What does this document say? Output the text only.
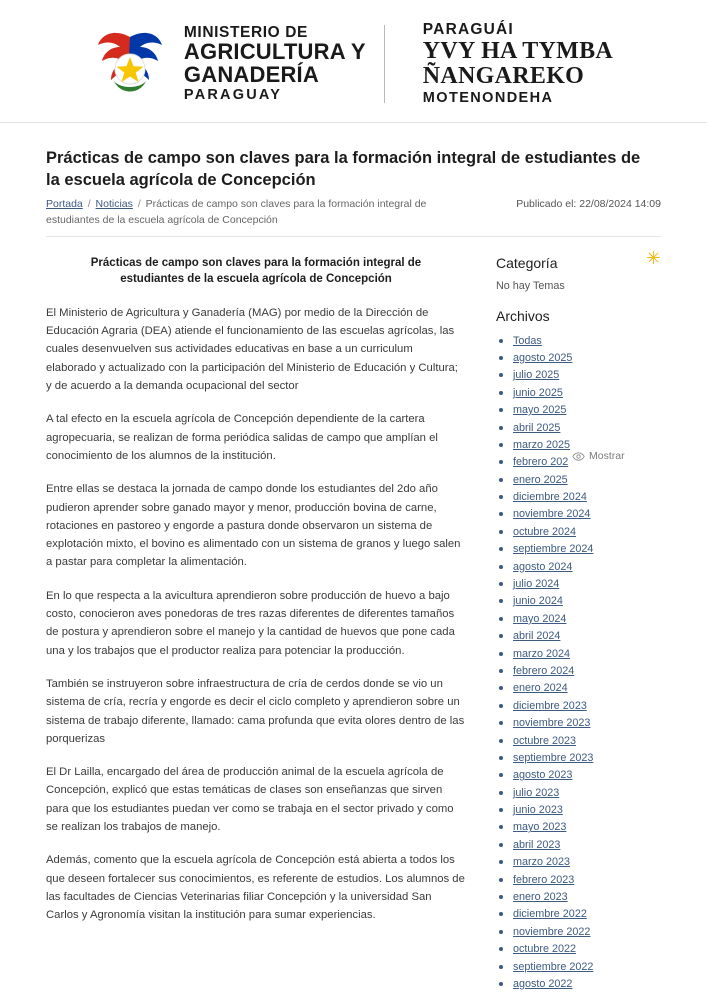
MINISTERIO DE
AGRICULTURA Y
GANADERÍA
PARAGUAY
PARAGUÁI
YVY HA TYMBA
ÑANGAREKO
MOTENONDEHA
Prácticas de campo son claves para la formación integral de estudiantes de la escuela agrícola de Concepción
Portada / Noticias / Prácticas de campo son claves para la formación integral de estudiantes de la escuela agrícola de Concepción
Publicado el: 22/08/2024 14:09
Prácticas de campo son claves para la formación integral de estudiantes de la escuela agrícola de Concepción

El Ministerio de Agricultura y Ganadería (MAG) por medio de la Dirección de Educación Agraria (DEA) atiende el funcionamiento de las escuelas agrícolas, las cuales desenvuelven sus actividades educativas en base a un curriculum elaborado y actualizado con la participación del Ministerio de Educación y Cultura; y de acuerdo a la demanda ocupacional del sector

A tal efecto en la escuela agrícola de Concepción dependiente de la cartera agropecuaria, se realizan de forma periódica salidas de campo que amplían el conocimiento de los alumnos de la institución.

Entre ellas se destaca la jornada de campo donde los estudiantes del 2do año pudieron aprender sobre ganado mayor y menor, producción bovina de carne, rotaciones en pastoreo y engorde a pastura donde observaron un sistema de explotación mixto, el bovino es alimentado con un sistema de granos y luego salen a pastar para completar la alimentación.

En lo que respecta a la avicultura aprendieron sobre producción de huevo a bajo costo, conocieron aves ponedoras de tres razas diferentes de diferentes tamaños de postura y aprendieron sobre el manejo y la cantidad de huevos que pone cada una y los trabajos que el productor realiza para potenciar la producción.

También se instruyeron sobre infraestructura de cría de cerdos donde se vio un sistema de cría, recría y engorde es decir el ciclo completo y aprendieron sobre un sistema de trabajo diferente, llamado: cama profunda que evita olores dentro de las porquerizas

El Dr Lailla, encargado del área de producción animal de la escuela agrícola de Concepción, explicó que estas temáticas de clases son enseñanzas que sirven para que los estudiantes puedan ver como se trabaja en el sector privado y como se realizan los trabajos de manejo.

Además, comento que la escuela agrícola de Concepción está abierta a todos los que deseen fortalecer sus conocimientos, es referente de estudios. Los alumnos de las facultades de Ciencias Veterinarias filiar Concepción y la universidad San Carlos y Agronomía visitan la institución para sumar experiencias.

✳
Categoría

No hay Temas

Archivos
• Todas
• agosto 2025
• julio 2025
• junio 2025
• mayo 2025
• abril 2025
• marzo 2025
• febrero 202
• enero 2025
• diciembre 2024
• noviembre 2024
• octubre 2024
• septiembre 2024
• agosto 2024
• julio 2024
• junio 2024
• mayo 2024
• abril 2024
• marzo 2024
• febrero 2024
• enero 2024
• diciembre 2023
• noviembre 2023
• octubre 2023
• septiembre 2023
• agosto 2023
• julio 2023
• junio 2023
• mayo 2023
• abril 2023
• marzo 2023
• febrero 2023
• enero 2023
• diciembre 2022
• noviembre 2022
• octubre 2022
• septiembre 2022
• agosto 2022
Mostrar
